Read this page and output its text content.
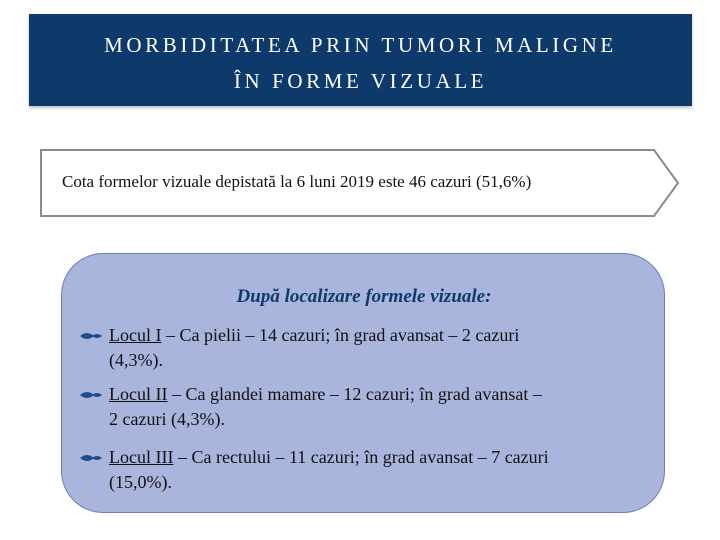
MORBIDITATEA PRIN TUMORI MALIGNE
ÎN FORME VIZUALE
Cota formelor vizuale depistată la 6 luni 2019 este 46 cazuri (51,6%)
După localizare formele vizuale:
Locul I – Ca pielii – 14 cazuri; în grad avansat – 2 cazuri
(4,3%).
Locul II – Ca glandei mamare – 12 cazuri; în grad avansat –
2 cazuri (4,3%).
Locul III – Ca rectului – 11 cazuri; în grad avansat – 7 cazuri
(15,0%).
